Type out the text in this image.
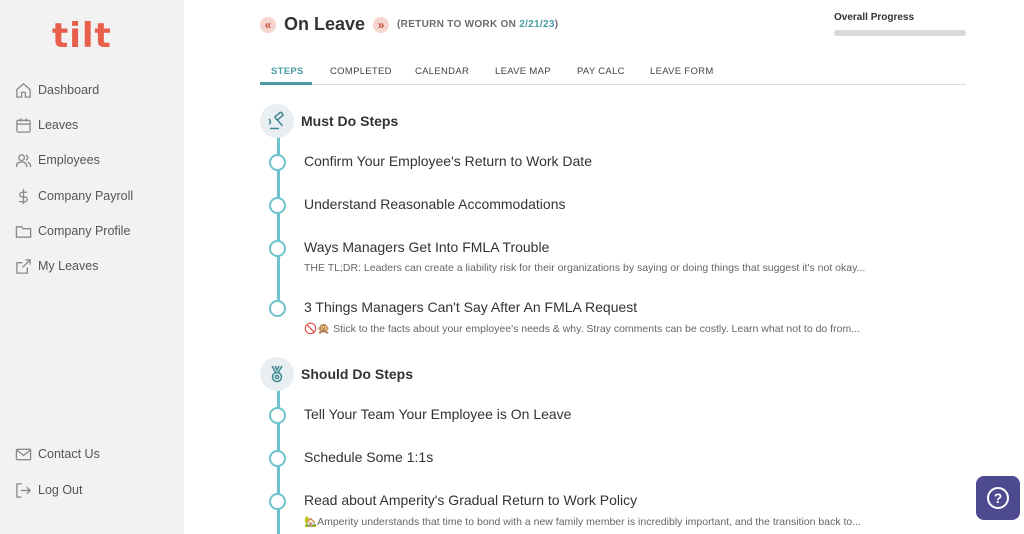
tilt
Dashboard
Leaves
Employees
Company Payroll
Company Profile
My Leaves
Contact Us
Log Out
« On Leave	»	(RETURN TO WORK ON 2/21/23)
Overall Progress
STEPS	COMPLETED CALENDAR	LEAVE MAP	PAY CALC	LEAVE FORM
Must Do Steps
Confirm Your Employee's Return to Work Date
Understand Reasonable Accommodations
Ways Managers Get Into FMLA Trouble
THE TL;DR: Leaders can create a liability risk for their organizations by saying or doing things that suggest it's not okay...
3 Things Managers Can't Say After An FMLA Request
🚫🙊 Stick to the facts about your employee's needs & why. Stray comments can be costly. Learn what not to do from...
Should Do Steps
Tell Your Team Your Employee is On Leave
Schedule Some 1:1s
Read about Amperity's Gradual Return to Work Policy
🏡Amperity understands that time to bond with a new family member is incredibly important, and the transition back to...
?
